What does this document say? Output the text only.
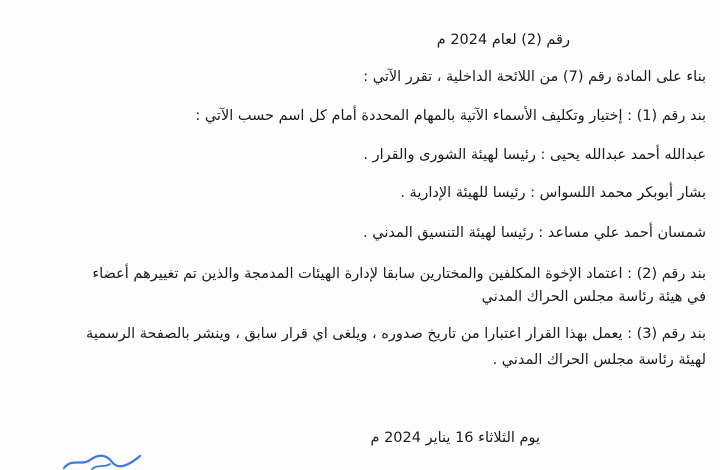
رقم (2) لعام 2024 م
بناء على المادة رقم (7) من اللائحة الداخلية ، تقرر الآتي :
بند رقم (1) : إختيار وتكليف الأسماء الآتية بالمهام المحددة أمام كل اسم حسب الآتي :
عبدالله أحمد عبدالله يحيى : رئيسا لهيئة الشورى والقرار .
بشار أبوبكر محمد اللسواس : رئيسا للهيئة الإدارية .
شمسان أحمد علي مساعد : رئيسا لهيئة التنسيق المدني .
بند رقم (2) : اعتماد الإخوة المكلفين والمختارين سابقا لإدارة الهيئات المدمجة والذين تم تغييرهم أعضاء
في هيئة رئاسة مجلس الحراك المدني
بند رقم (3) : يعمل بهذا القرار اعتبارا من تاريخ صدوره ، ويلغى اي قرار سابق ، وينشر بالصفحة الرسمية
لهيئة رئاسة مجلس الحراك المدني .
يوم الثلاثاء 16 يناير 2024 م
